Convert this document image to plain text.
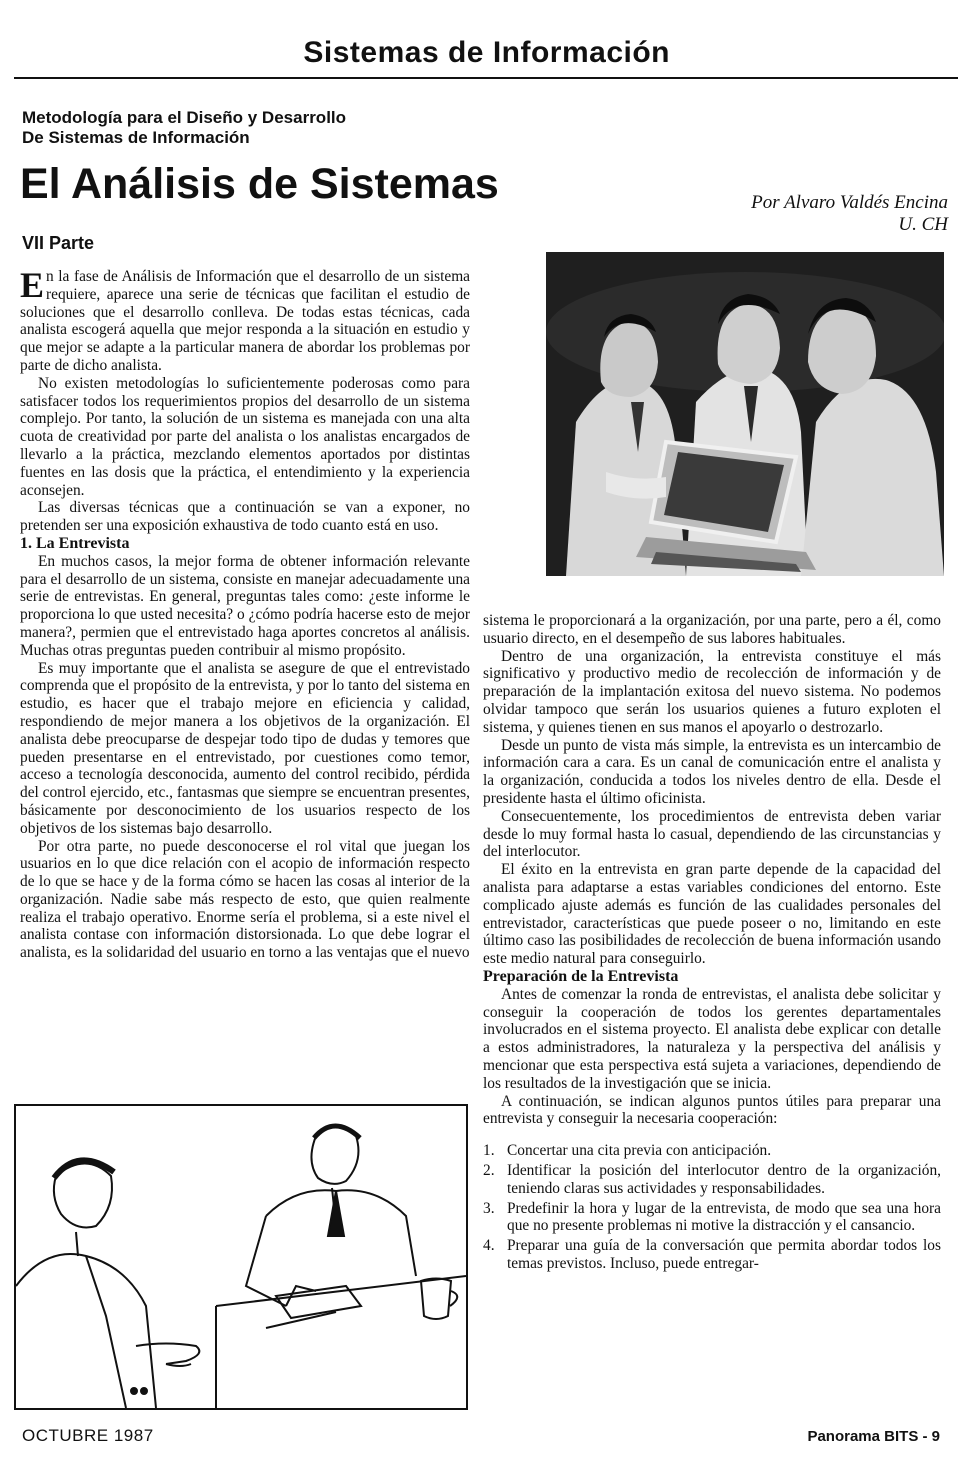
Sistemas de Información
Metodología para el Diseño y Desarrollo
De Sistemas de Información
El Análisis de Sistemas
VII Parte
Por Alvaro Valdés Encina
U. CH

En la fase de Análisis de Información que el desarrollo de un sistema requiere, aparece una serie de técnicas que facilitan el estudio de soluciones que el desarrollo conlleva. De todas estas técnicas, cada analista escogerá aquella que mejor responda a la situación en estudio y que mejor se adapte a la particular manera de abordar los problemas por parte de dicho analista.

No existen metodologías lo suficientemente poderosas como para satisfacer todos los requerimientos propios del desarrollo de un sistema complejo. Por tanto, la solución de un sistema es manejada con una alta cuota de creatividad por parte del analista o los analistas encargados de llevarlo a la práctica, mezclando elementos aportados por distintas fuentes en las dosis que la práctica, el entendimiento y la experiencia aconsejen.

Las diversas técnicas que a continuación se van a exponer, no pretenden ser una exposición exhaustiva de todo cuanto está en uso.

1. La Entrevista

En muchos casos, la mejor forma de obtener información relevante para el desarrollo de un sistema, consiste en manejar adecuadamente una serie de entrevistas. En general, preguntas tales como: ¿este informe le proporciona lo que usted necesita? o ¿cómo podría hacerse esto de mejor manera?, permien que el entrevistado haga aportes concretos al análisis. Muchas otras preguntas pueden contribuir al mismo propósito.

Es muy importante que el analista se asegure de que el entrevistado comprenda que el propósito de la entrevista, y por lo tanto del sistema en estudio, es hacer que el trabajo mejore en eficiencia y calidad, respondiendo de mejor manera a los objetivos de la organización. El analista debe preocuparse de despejar todo tipo de dudas y temores que pueden presentarse en el entrevistado, por cuestiones como temor, acceso a tecnología desconocida, aumento del control recibido, pérdida del control ejercido, etc., fantasmas que siempre se encuentran presentes, básicamente por desconocimiento de los usuarios respecto de los objetivos de los sistemas bajo desarrollo.

Por otra parte, no puede desconocerse el rol vital que juegan los usuarios en lo que dice relación con el acopio de información respecto de lo que se hace y de la forma cómo se hacen las cosas al interior de la organización. Nadie sabe más respecto de esto, que quien realmente realiza el trabajo operativo. Enorme sería el problema, si a este nivel el analista contase con información distorsionada. Lo que debe lograr el analista, es la solidaridad del usuario en torno a las ventajas que el nuevo

sistema le proporcionará a la organización, por una parte, pero a él, como usuario directo, en el desempeño de sus labores habituales.

Dentro de una organización, la entrevista constituye el más significativo y productivo medio de recolección de información y de preparación de la implantación exitosa del nuevo sistema. No podemos olvidar tampoco que serán los usuarios quienes a futuro exploten el sistema, y quienes tienen en sus manos el apoyarlo o destrozarlo.

Desde un punto de vista más simple, la entrevista es un intercambio de información cara a cara. Es un canal de comunicación entre el analista y la organización, conducida a todos los niveles dentro de ella. Desde el presidente hasta el último oficinista.

Consecuentemente, los procedimientos de entrevista deben variar desde lo muy formal hasta lo casual, dependiendo de las circunstancias y del interlocutor.

El éxito en la entrevista en gran parte depende de la capacidad del analista para adaptarse a estas variables condiciones del entorno. Este complicado ajuste además es función de las cualidades personales del entrevistador, características que puede poseer o no, limitando en este último caso las posibilidades de recolección de buena información usando este medio natural para conseguirlo.

Preparación de la Entrevista

Antes de comenzar la ronda de entrevistas, el analista debe solicitar y conseguir la cooperación de todos los gerentes departamentales involucrados en el sistema proyecto. El analista debe explicar con detalle a estos administradores, la naturaleza y la perspectiva del análisis y mencionar que esta perspectiva está sujeta a variaciones, dependiendo de los resultados de la investigación que se inicia.

A continuación, se indican algunos puntos útiles para preparar una entrevista y conseguir la necesaria cooperación:

1. Concertar una cita previa con anticipación.
2. Identificar la posición del interlocutor dentro de la organización, teniendo claras sus actividades y responsabilidades.
3. Predefinir la hora y lugar de la entrevista, de modo que sea una hora que no presente problemas ni motive la distracción y el cansancio.
4. Preparar una guía de la conversación que permita abordar todos los temas previstos. Incluso, puede entregar-
OCTUBRE 1987	Panorama BITS - 9
